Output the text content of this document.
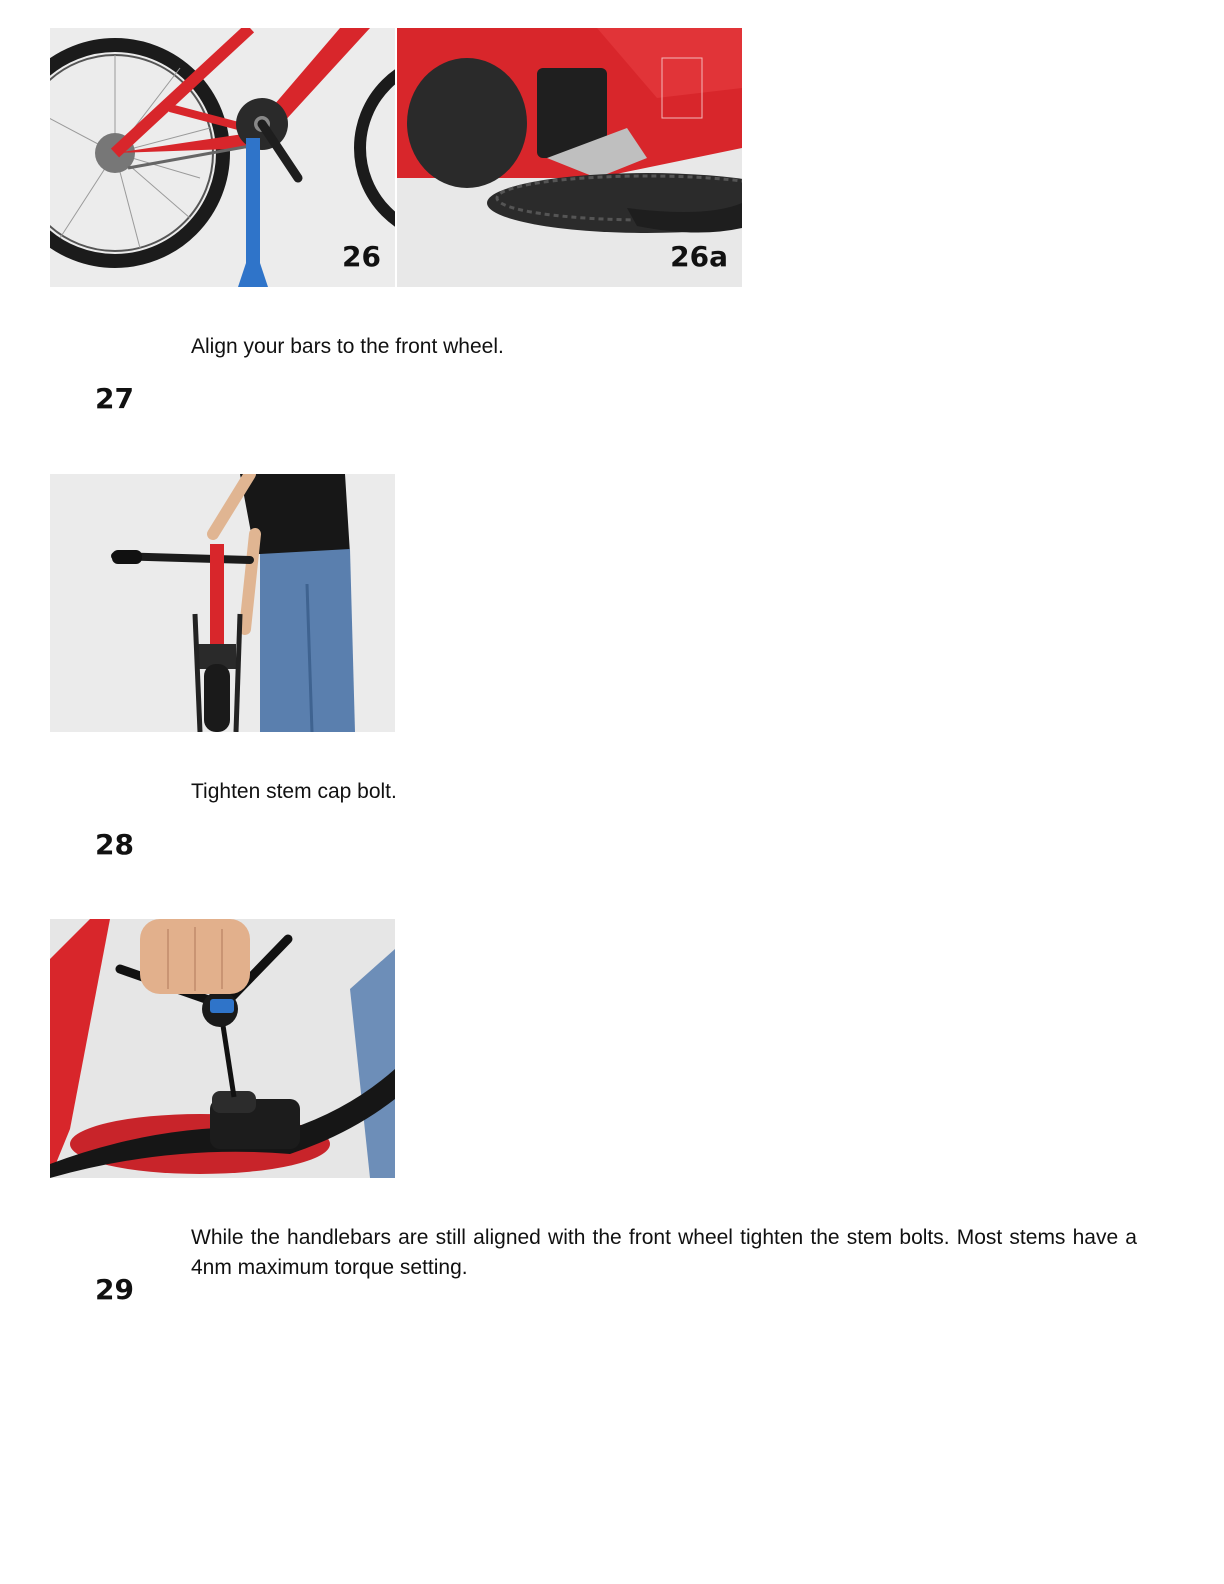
26	26a
Align your bars to the front wheel.
27
Tighten stem cap bolt.
28
While the handlebars are still aligned with the front wheel tighten the stem bolts. Most stems have a 4nm maximum torque setting.
29
